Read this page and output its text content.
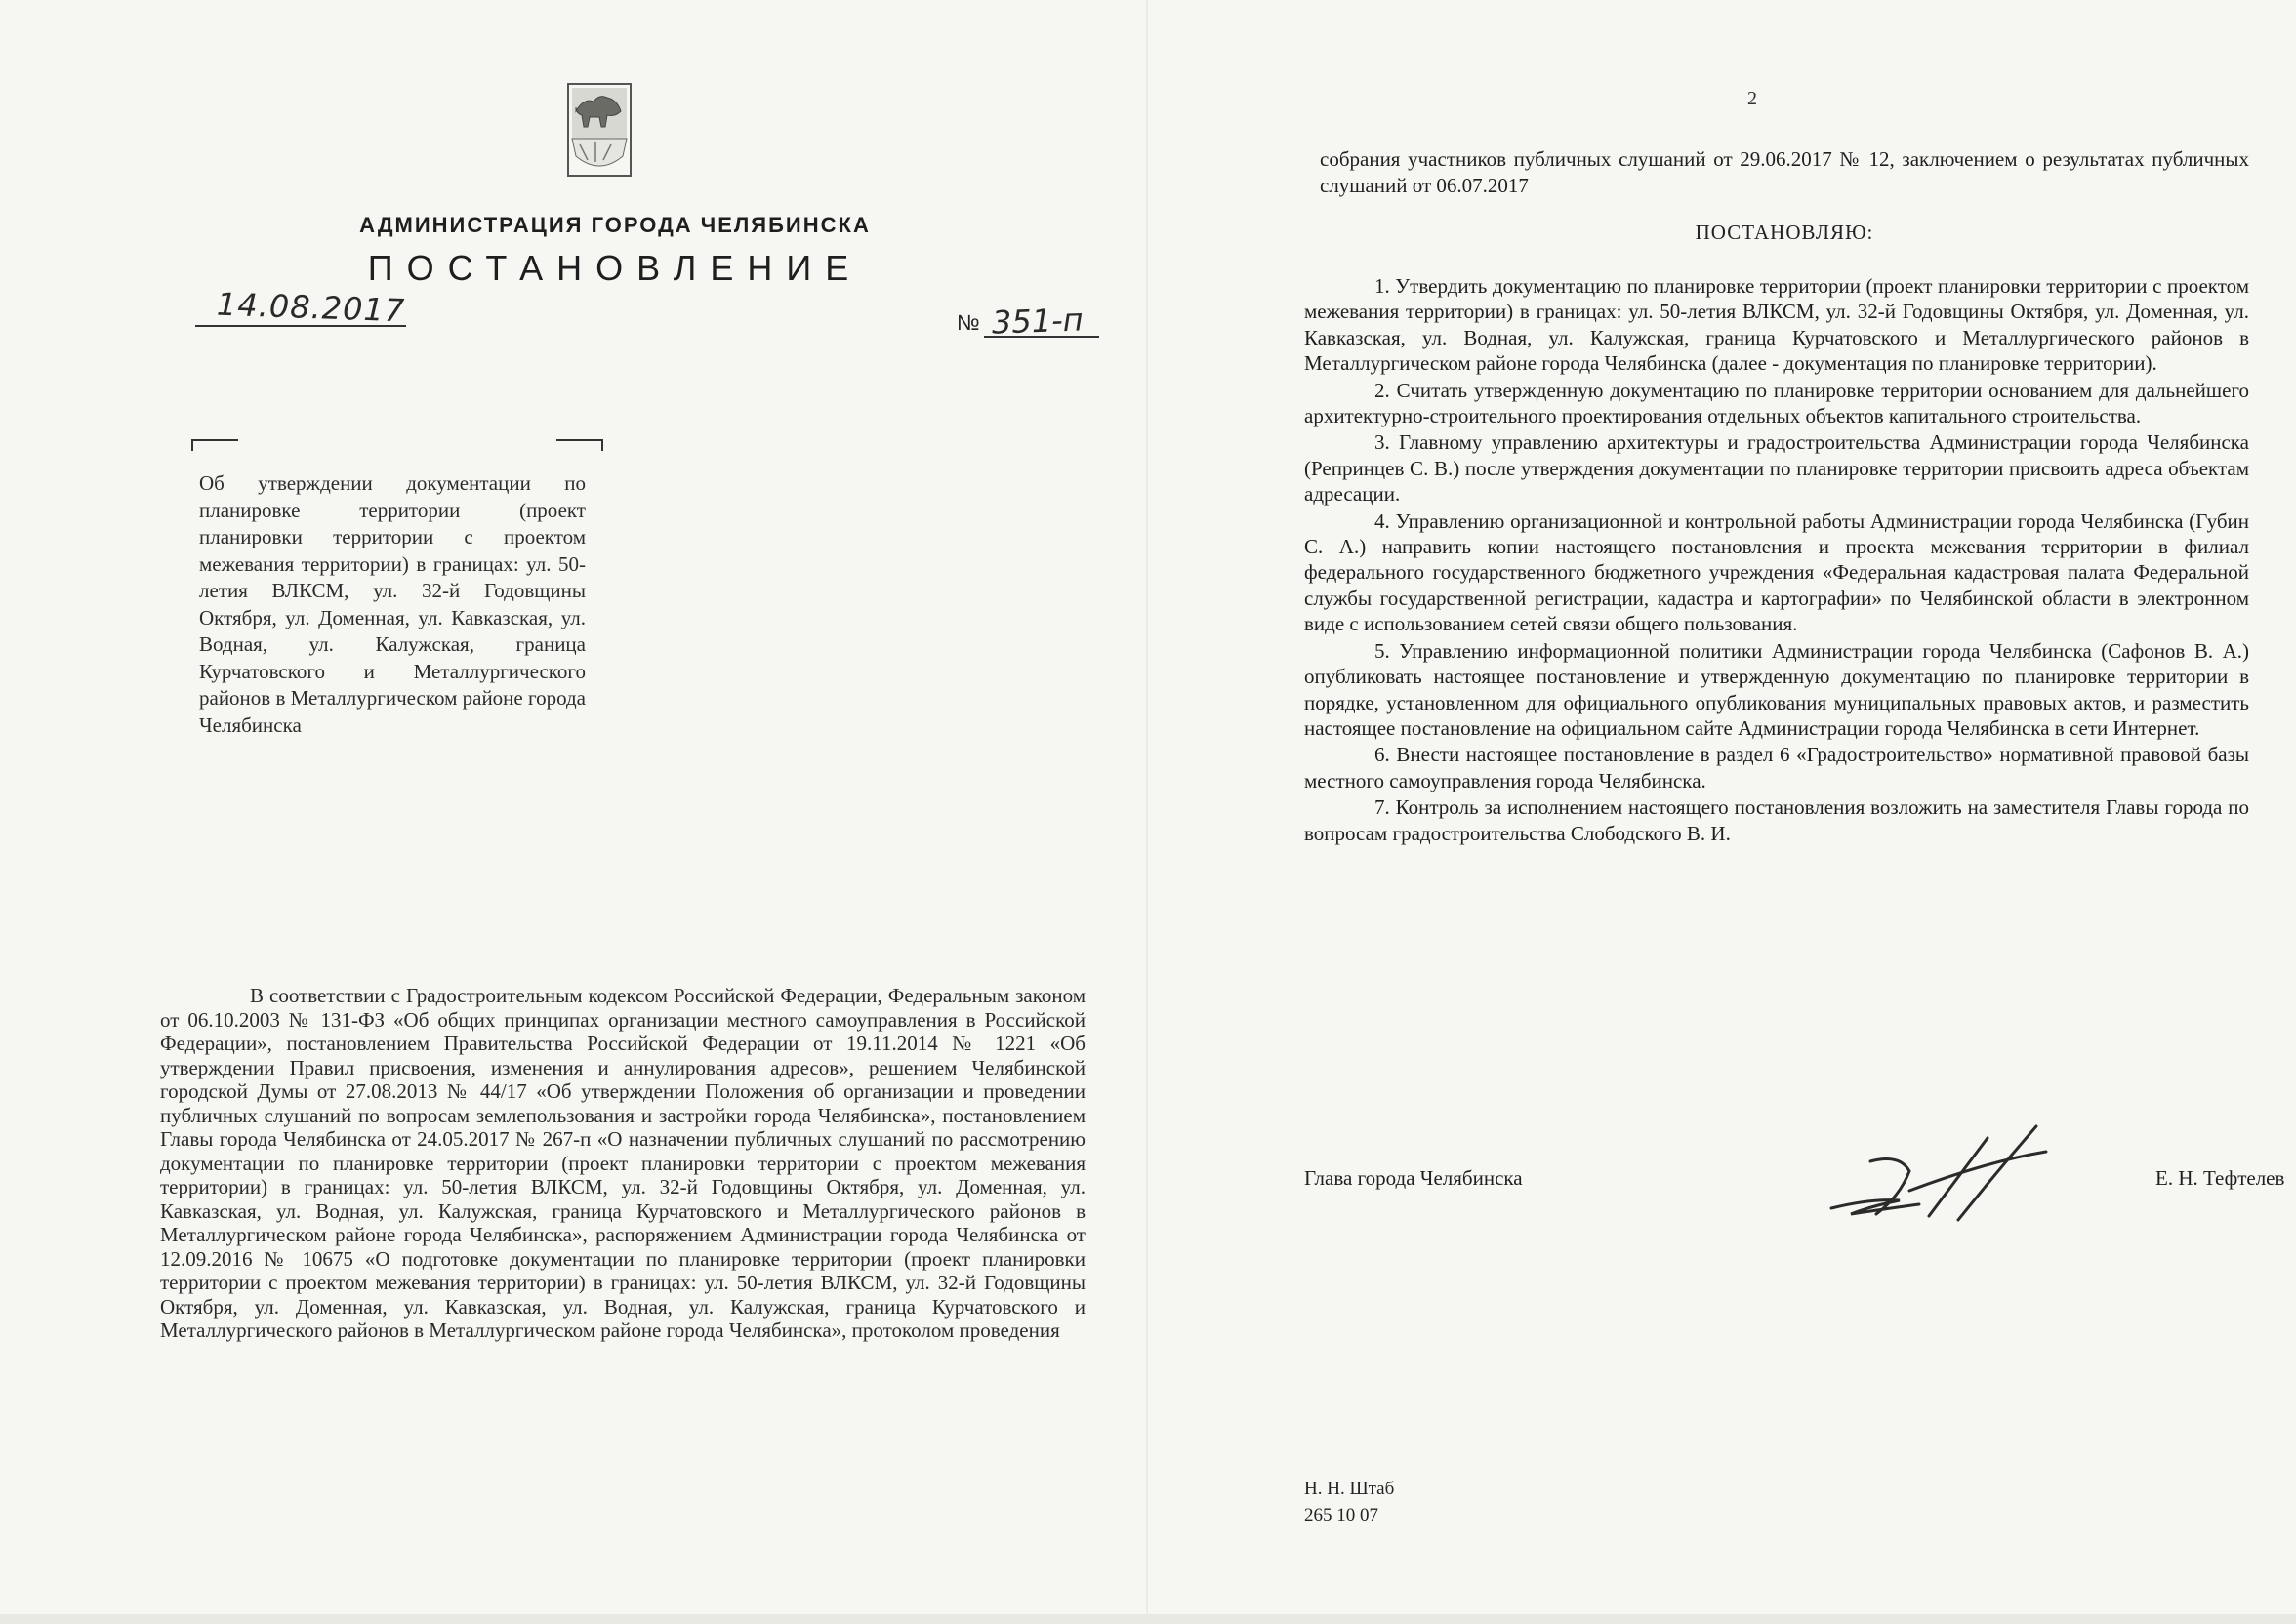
АДМИНИСТРАЦИЯ ГОРОДА ЧЕЛЯБИНСКА
ПОСТАНОВЛЕНИЕ
14.08.2017	№ 351-п
Об утверждении документации по планировке территории (проект планировки территории с проектом межевания территории) в границах: ул. 50-летия ВЛКСМ, ул. 32-й Годовщины Октября, ул. Доменная, ул. Кавказская, ул. Водная, ул. Калужская, граница Курчатовского и Металлургического районов в Металлургическом районе города Челябинска
В соответствии с Градостроительным кодексом Российской Федерации, Федеральным законом от 06.10.2003 № 131-ФЗ «Об общих принципах организации местного самоуправления в Российской Федерации», постановлением Правительства Российской Федерации от 19.11.2014 № 1221 «Об утверждении Правил присвоения, изменения и аннулирования адресов», решением Челябинской городской Думы от 27.08.2013 № 44/17 «Об утверждении Положения об организации и проведении публичных слушаний по вопросам землепользования и застройки города Челябинска», постановлением Главы города Челябинска от 24.05.2017 № 267-п «О назначении публичных слушаний по рассмотрению документации по планировке территории (проект планировки территории с проектом межевания территории) в границах: ул. 50-летия ВЛКСМ, ул. 32-й Годовщины Октября, ул. Доменная, ул. Кавказская, ул. Водная, ул. Калужская, граница Курчатовского и Металлургического районов в Металлургическом районе города Челябинска», распоряжением Администрации города Челябинска от 12.09.2016 № 10675 «О подготовке документации по планировке территории (проект планировки территории с проектом межевания территории) в границах: ул. 50-летия ВЛКСМ, ул. 32-й Годовщины Октября, ул. Доменная, ул. Кавказская, ул. Водная, ул. Калужская, граница Курчатовского и Металлургического районов в Металлургическом районе города Челябинска», протоколом проведения
2
собрания участников публичных слушаний от 29.06.2017 № 12, заключением о результатах публичных слушаний от 06.07.2017
ПОСТАНОВЛЯЮ:

1. Утвердить документацию по планировке территории (проект планировки территории с проектом межевания территории) в границах: ул. 50-летия ВЛКСМ, ул. 32-й Годовщины Октября, ул. Доменная, ул. Кавказская, ул. Водная, ул. Калужская, граница Курчатовского и Металлургического районов в Металлургическом районе города Челябинска (далее - документация по планировке территории).

2. Считать утвержденную документацию по планировке территории основанием для дальнейшего архитектурно-строительного проектирования отдельных объектов капитального строительства.

3. Главному управлению архитектуры и градостроительства Администрации города Челябинска (Репринцев С. В.) после утверждения документации по планировке территории присвоить адреса объектам адресации.

4. Управлению организационной и контрольной работы Администрации города Челябинска (Губин С. А.) направить копии настоящего постановления и проекта межевания территории в филиал федерального государственного бюджетного учреждения «Федеральная кадастровая палата Федеральной службы государственной регистрации, кадастра и картографии» по Челябинской области в электронном виде с использованием сетей связи общего пользования.

5. Управлению информационной политики Администрации города Челябинска (Сафонов В. А.) опубликовать настоящее постановление и утвержденную документацию по планировке территории в порядке, установленном для официального опубликования муниципальных правовых актов, и разместить настоящее постановление на официальном сайте Администрации города Челябинска в сети Интернет.

6. Внести настоящее постановление в раздел 6 «Градостроительство» нормативной правовой базы местного самоуправления города Челябинска.

7. Контроль за исполнением настоящего постановления возложить на заместителя Главы города по вопросам градостроительства Слободского В. И.

Глава города Челябинска	Е. Н. Тефтелев
Н. Н. Штаб
265 10 07
